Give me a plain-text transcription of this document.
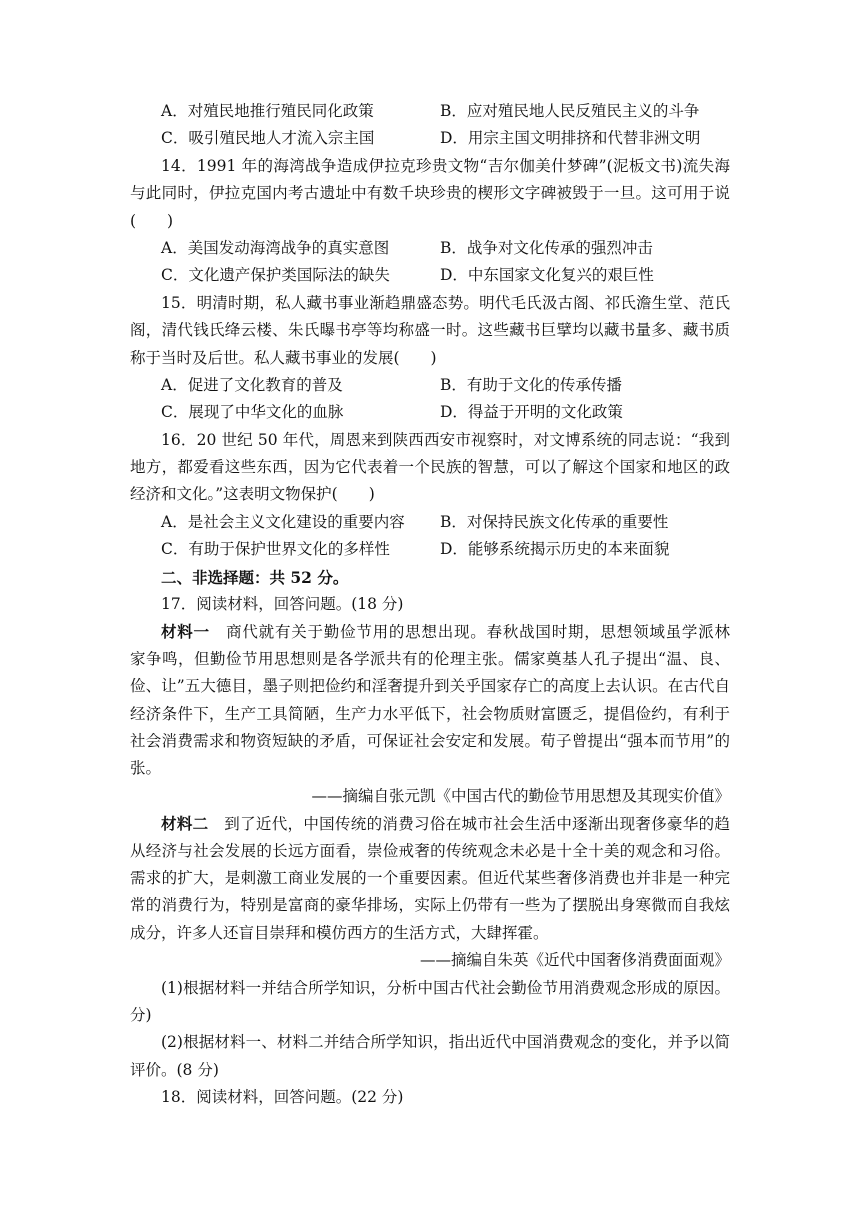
A．对殖民地推行殖民同化政策	B．应对殖民地人民反殖民主义的斗争
C．吸引殖民地人才流入宗主国	D．用宗主国文明排挤和代替非洲文明
14．1991 年的海湾战争造成伊拉克珍贵文物“吉尔伽美什梦碑”(泥板文书)流失海
与此同时，伊拉克国内考古遗址中有数千块珍贵的楔形文字碑被毁于一旦。这可用于说
(　　)
A．美国发动海湾战争的真实意图	B．战争对文化传承的强烈冲击
C．文化遗产保护类国际法的缺失	D．中东国家文化复兴的艰巨性
15．明清时期，私人藏书事业渐趋鼎盛态势。明代毛氏汲古阁、祁氏澹生堂、范氏
阁，清代钱氏绛云楼、朱氏曝书亭等均称盛一时。这些藏书巨擘均以藏书量多、藏书质
称于当时及后世。私人藏书事业的发展(　　)
A．促进了文化教育的普及	B．有助于文化的传承传播
C．展现了中华文化的血脉	D．得益于开明的文化政策
16．20 世纪 50 年代，周恩来到陕西西安市视察时，对文博系统的同志说：“我到
地方，都爱看这些东西，因为它代表着一个民族的智慧，可以了解这个国家和地区的政
经济和文化。”这表明文物保护(　　)
A．是社会主义文化建设的重要内容 B．对保持民族文化传承的重要性
C．有助于保护世界文化的多样性	D．能够系统揭示历史的本来面貌
二、非选择题：共 52 分。
17．阅读材料，回答问题。(18 分)
材料一　商代就有关于勤俭节用的思想出现。春秋战国时期，思想领域虽学派林
家争鸣，但勤俭节用思想则是各学派共有的伦理主张。儒家奠基人孔子提出“温、良、
俭、让”五大德目，墨子则把俭约和淫奢提升到关乎国家存亡的高度上去认识。在古代自
经济条件下，生产工具简陋，生产力水平低下，社会物质财富匮乏，提倡俭约，有利于
社会消费需求和物资短缺的矛盾，可保证社会安定和发展。荀子曾提出“强本而节用”的
张。
——摘编自张元凯《中国古代的勤俭节用思想及其现实价值》
材料二　到了近代，中国传统的消费习俗在城市社会生活中逐渐出现奢侈豪华的趋
从经济与社会发展的长远方面看，崇俭戒奢的传统观念未必是十全十美的观念和习俗。
需求的扩大，是刺激工商业发展的一个重要因素。但近代某些奢侈消费也并非是一种完
常的消费行为，特别是富商的豪华排场，实际上仍带有一些为了摆脱出身寒微而自我炫
成分，许多人还盲目崇拜和模仿西方的生活方式，大肆挥霍。
——摘编自朱英《近代中国奢侈消费面面观》
(1)根据材料一并结合所学知识，分析中国古代社会勤俭节用消费观念形成的原因。
分)
(2)根据材料一、材料二并结合所学知识，指出近代中国消费观念的变化，并予以简
评价。(8 分)
18．阅读材料，回答问题。(22 分)
